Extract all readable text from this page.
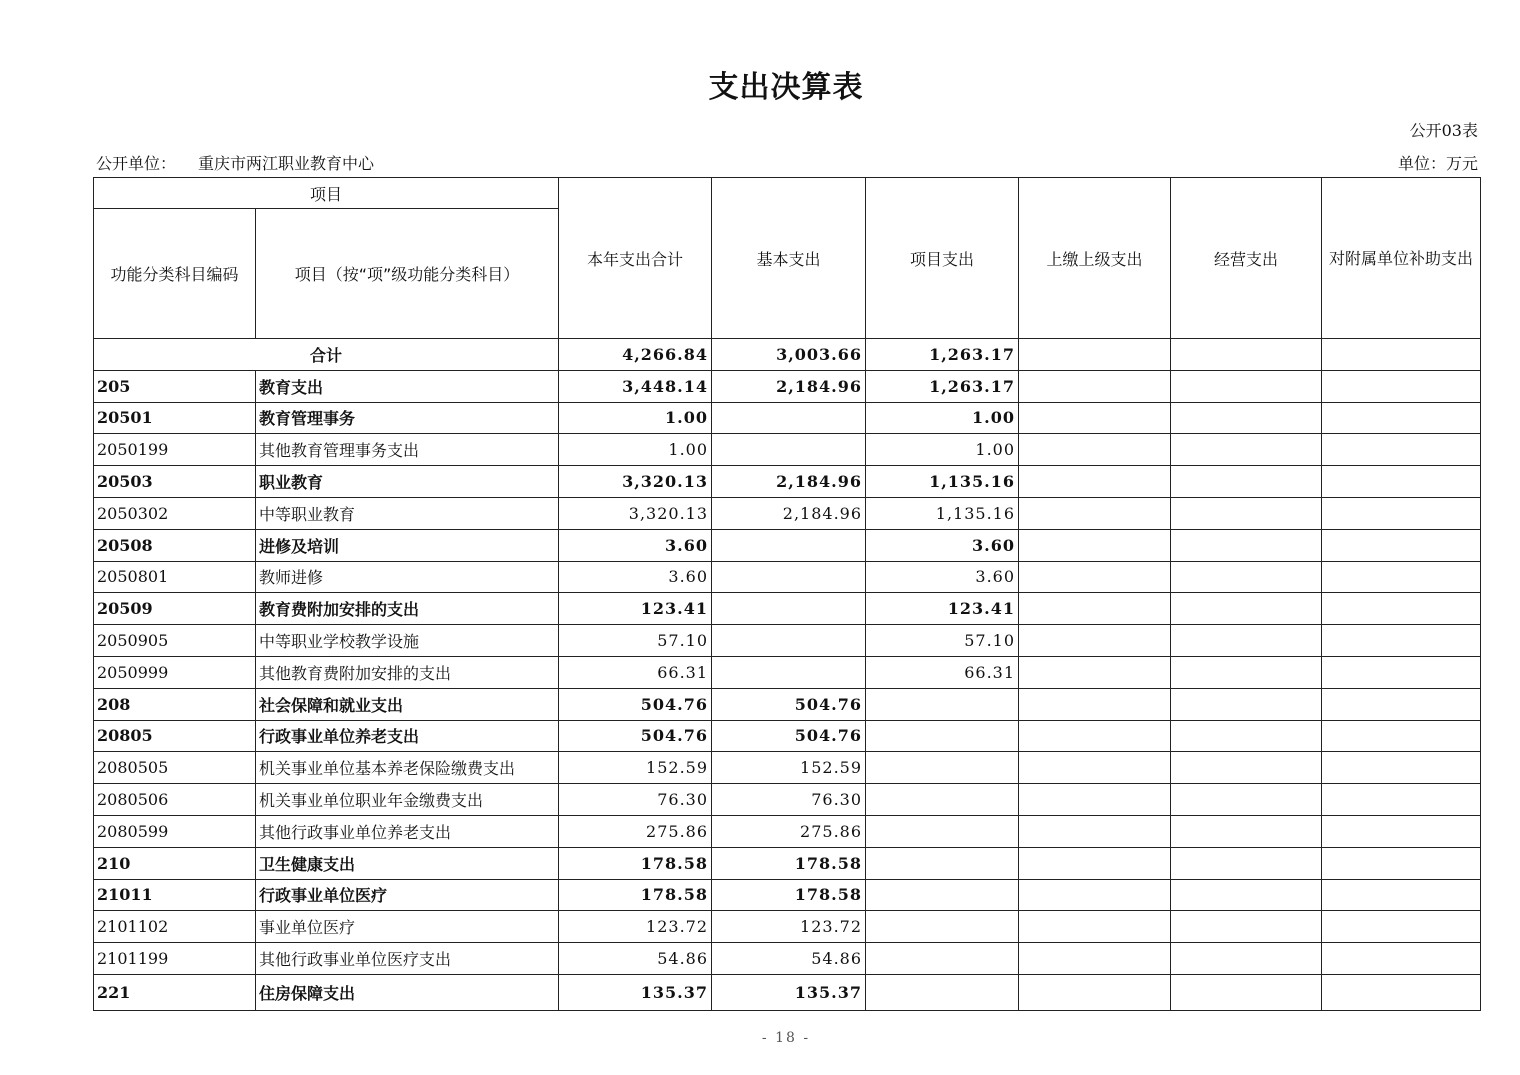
支出决算表
公开03表
公开单位： 重庆市两江职业教育中心	单位：万元
项目		本年支出合计	基本支出	项目支出	上缴上级支出	经营支出	对附属单位补助支出
功能分类科目编码	项目（按“项”级功能分类科目）						
合计		4,266.84	3,003.66	1,263.17			
205	教育支出	3,448.14	2,184.96	1,263.17			
20501	教育管理事务	1.00		1.00			
2050199	其他教育管理事务支出	1.00		1.00			
20503	职业教育	3,320.13	2,184.96	1,135.16			
2050302	中等职业教育	3,320.13	2,184.96	1,135.16			
20508	进修及培训	3.60		3.60			
2050801	教师进修	3.60		3.60			
20509	教育费附加安排的支出	123.41		123.41			
2050905	中等职业学校教学设施	57.10		57.10			
2050999	其他教育费附加安排的支出	66.31		66.31			
208	社会保障和就业支出	504.76	504.76				
20805	行政事业单位养老支出	504.76	504.76				
2080505	机关事业单位基本养老保险缴费支出	152.59	152.59				
2080506	机关事业单位职业年金缴费支出	76.30	76.30				
2080599	其他行政事业单位养老支出	275.86	275.86				
210	卫生健康支出	178.58	178.58				
21011	行政事业单位医疗	178.58	178.58				
2101102	事业单位医疗	123.72	123.72				
2101199	其他行政事业单位医疗支出	54.86	54.86				
221	住房保障支出	135.37	135.37				
- 18 -
